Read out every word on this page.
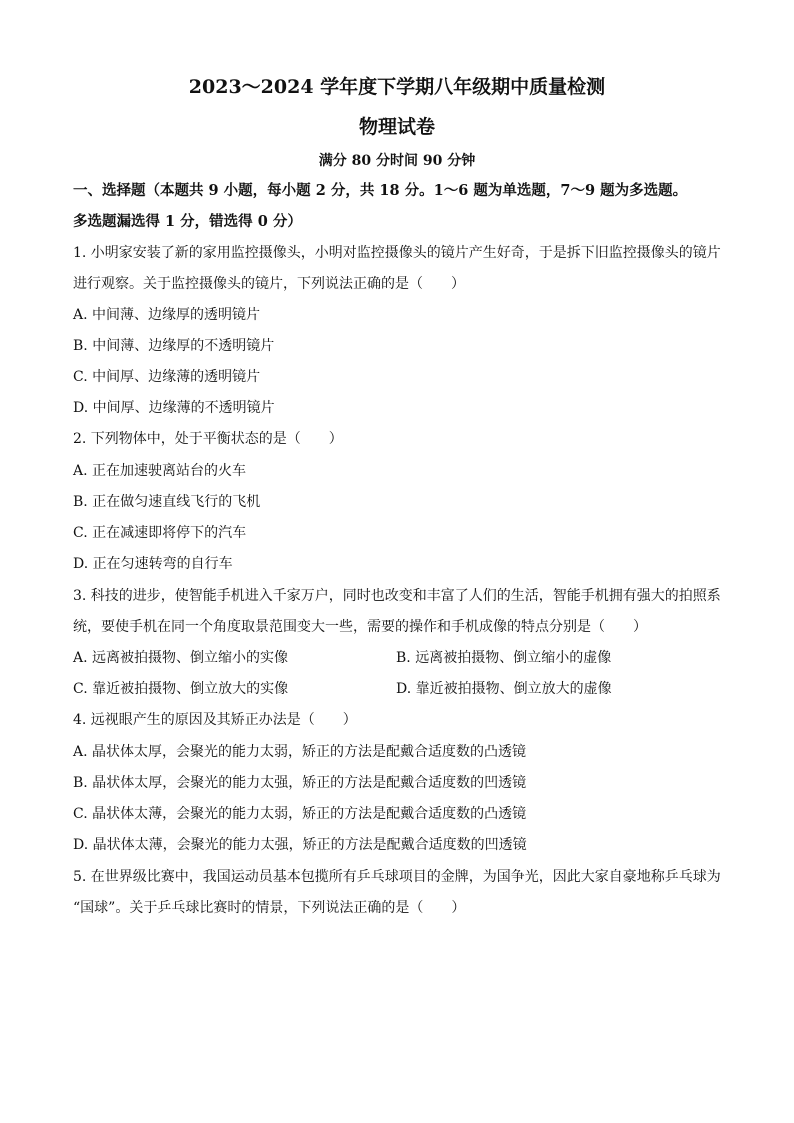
2023～2024 学年度下学期八年级期中质量检测
物理试卷
满分 80 分时间 90 分钟
一、选择题（本题共 9 小题，每小题 2 分，共 18 分。1～6 题为单选题，7～9 题为多选题。
多选题漏选得 1 分，错选得 0 分）
1. 小明家安装了新的家用监控摄像头，小明对监控摄像头的镜片产生好奇，于是拆下旧监控摄像头的镜片
进行观察。关于监控摄像头的镜片，下列说法正确的是（　　）
A. 中间薄、边缘厚的透明镜片
B. 中间薄、边缘厚的不透明镜片
C. 中间厚、边缘薄的透明镜片
D. 中间厚、边缘薄的不透明镜片
2. 下列物体中，处于平衡状态的是（　　）
A. 正在加速驶离站台的火车
B. 正在做匀速直线飞行的飞机
C. 正在减速即将停下的汽车
D. 正在匀速转弯的自行车
3. 科技的进步，使智能手机进入千家万户，同时也改变和丰富了人们的生活，智能手机拥有强大的拍照系
统，要使手机在同一个角度取景范围变大一些，需要的操作和手机成像的特点分别是（　　）
A. 远离被拍摄物、倒立缩小的实像	B. 远离被拍摄物、倒立缩小的虚像
C. 靠近被拍摄物、倒立放大的实像	D. 靠近被拍摄物、倒立放大的虚像
4. 远视眼产生的原因及其矫正办法是（　　）
A. 晶状体太厚，会聚光的能力太弱，矫正的方法是配戴合适度数的凸透镜
B. 晶状体太厚，会聚光的能力太强，矫正的方法是配戴合适度数的凹透镜
C. 晶状体太薄，会聚光的能力太弱，矫正的方法是配戴合适度数的凸透镜
D. 晶状体太薄，会聚光的能力太强，矫正的方法是配戴合适度数的凹透镜
5. 在世界级比赛中，我国运动员基本包揽所有乒乓球项目的金牌，为国争光，因此大家自豪地称乒乓球为
“国球”。关于乒乓球比赛时的情景，下列说法正确的是（　　）
